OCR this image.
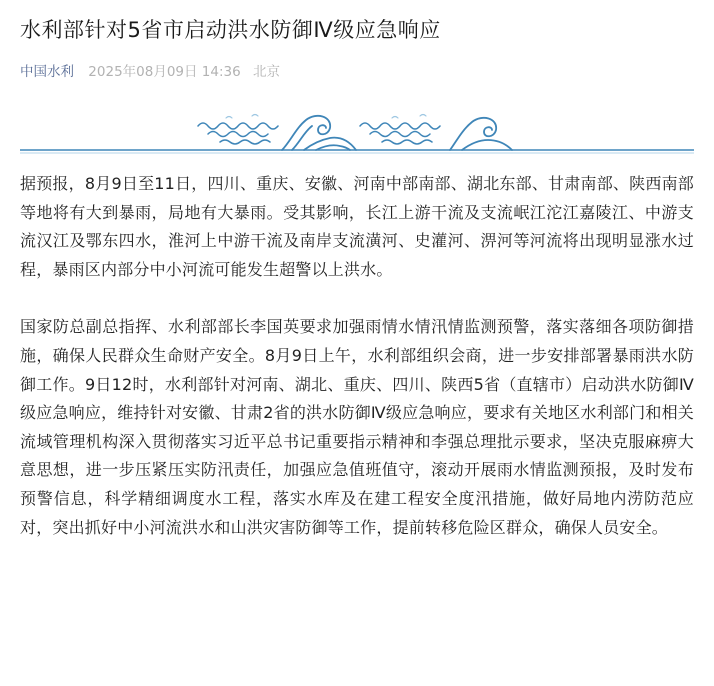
水利部针对5省市启动洪水防御Ⅳ级应急响应
中国水利 2025年08月09日 14:36 北京

据预报，8月9日至11日，四川、重庆、安徽、河南中部南部、湖北东部、甘肃南部、陕西南部等地将有大到暴雨，局地有大暴雨。受其影响，长江上游干流及支流岷江沱江嘉陵江、中游支流汉江及鄂东四水，淮河上中游干流及南岸支流潢河、史灌河、淠河等河流将出现明显涨水过程，暴雨区内部分中小河流可能发生超警以上洪水。

国家防总副总指挥、水利部部长李国英要求加强雨情水情汛情监测预警，落实落细各项防御措施，确保人民群众生命财产安全。8月9日上午，水利部组织会商，进一步安排部署暴雨洪水防御工作。9日12时，水利部针对河南、湖北、重庆、四川、陕西5省（直辖市）启动洪水防御Ⅳ级应急响应，维持针对安徽、甘肃2省的洪水防御Ⅳ级应急响应，要求有关地区水利部门和相关流域管理机构深入贯彻落实习近平总书记重要指示精神和李强总理批示要求，坚决克服麻痹大意思想，进一步压紧压实防汛责任，加强应急值班值守，滚动开展雨水情监测预报，及时发布预警信息，科学精细调度水工程，落实水库及在建工程安全度汛措施，做好局地内涝防范应对，突出抓好中小河流洪水和山洪灾害防御等工作，提前转移危险区群众，确保人员安全。
